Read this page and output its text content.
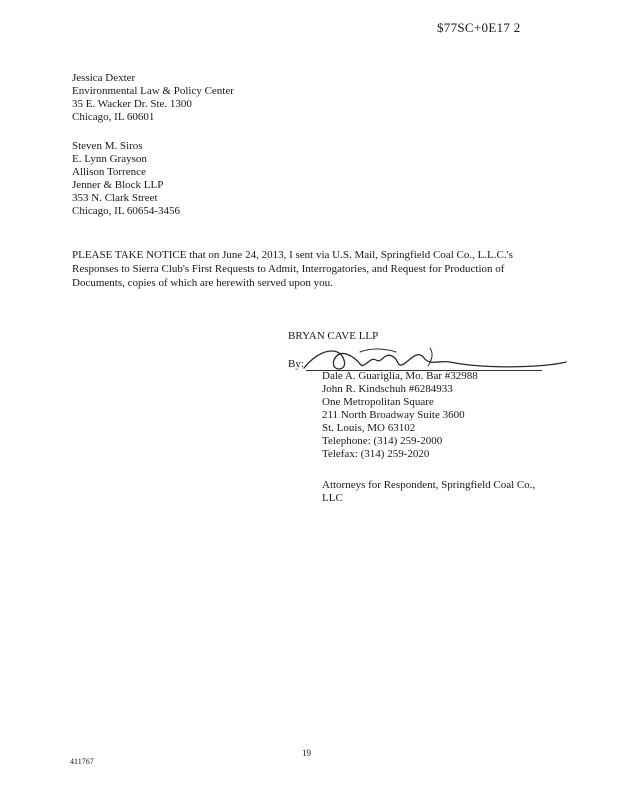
$77SC+0E17 2
Jessica Dexter
Environmental Law & Policy Center
35 E. Wacker Dr. Ste. 1300
Chicago, IL 60601
Steven M. Siros
E. Lynn Grayson
Allison Torrence
Jenner & Block LLP
353 N. Clark Street
Chicago, IL 60654-3456
PLEASE TAKE NOTICE that on June 24, 2013, I sent via U.S. Mail, Springfield Coal Co., L.L.C.'s Responses to Sierra Club's First Requests to Admit, Interrogatories, and Request for Production of Documents, copies of which are herewith served upon you.
BRYAN CAVE LLP
By:
Dale A. Guariglia, Mo. Bar #32988
John R. Kindschuh #6284933
One Metropolitan Square
211 North Broadway Suite 3600
St. Louis, MO 63102
Telephone: (314) 259-2000
Telefax: (314) 259-2020
Attorneys for Respondent, Springfield Coal Co., LLC
19
411767
